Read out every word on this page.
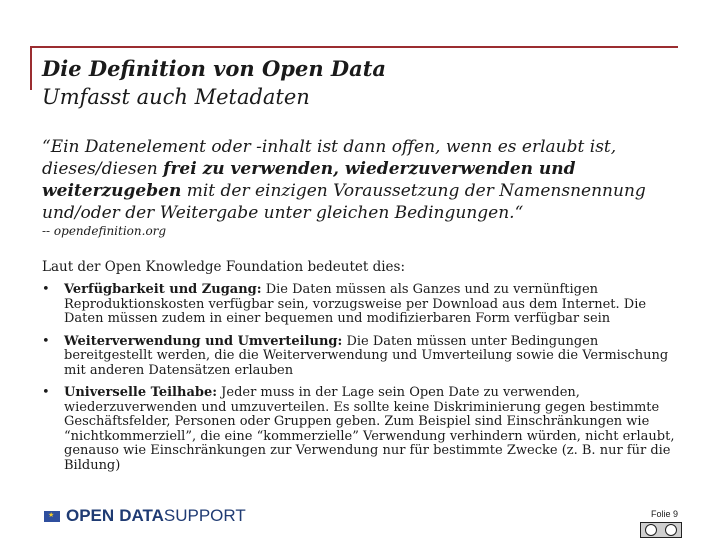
Die Definition von Open Data
Umfasst auch Metadaten
“Ein Datenelement oder -inhalt ist dann offen, wenn es erlaubt ist, dieses/diesen frei zu verwenden, wiederzuverwenden und weiterzugeben mit der einzigen Voraussetzung der Namensnennung und/oder der Weitergabe unter gleichen Bedingungen.“
-- opendefinition.org
Laut der Open Knowledge Foundation bedeutet dies:
• Verfügbarkeit und Zugang: Die Daten müssen als Ganzes und zu vernünftigen Reproduktionskosten verfügbar sein, vorzugsweise per Download aus dem Internet. Die Daten müssen zudem in einer bequemen und modifizierbaren Form verfügbar sein
• Weiterverwendung und Umverteilung: Die Daten müssen unter Bedingungen bereitgestellt werden, die die Weiterverwendung und Umverteilung sowie die Vermischung mit anderen Datensätzen erlauben
• Universelle Teilhabe: Jeder muss in der Lage sein Open Date zu verwenden, wiederzuverwenden und umzuverteilen. Es sollte keine Diskriminierung gegen bestimmte Geschäftsfelder, Personen oder Gruppen geben. Zum Beispiel sind Einschränkungen wie “nichtkommerziell”, die eine “kommerzielle” Verwendung verhindern würden, nicht erlaubt, genauso wie Einschränkungen zur Verwendung nur für bestimmte Zwecke (z. B. nur für die Bildung)
★
OPEN DATA SUPPORT	Folie 9
